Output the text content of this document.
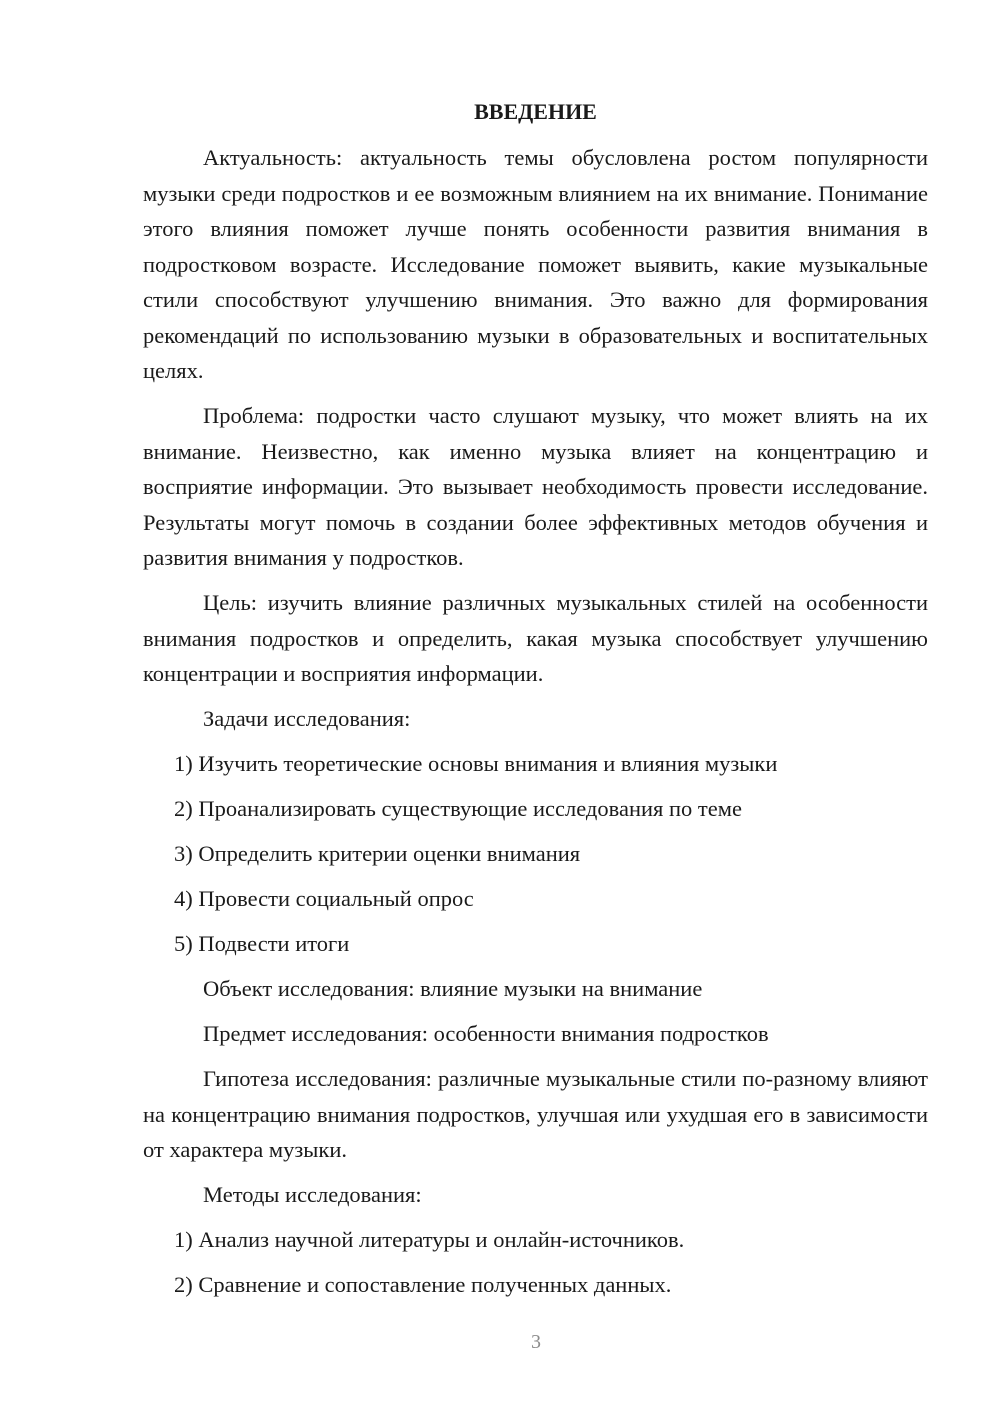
ВВЕДЕНИЕ

Актуальность: актуальность темы обусловлена ростом популярности музыки среди подростков и ее возможным влиянием на их внимание. Понимание этого влияния поможет лучше понять особенности развития внимания в подростковом возрасте. Исследование поможет выявить, какие музыкальные стили способствуют улучшению внимания. Это важно для формирования рекомендаций по использованию музыки в образовательных и воспитательных целях.

Проблема: подростки часто слушают музыку, что может влиять на их внимание. Неизвестно, как именно музыка влияет на концентрацию и восприятие информации. Это вызывает необходимость провести исследование. Результаты могут помочь в создании более эффективных методов обучения и развития внимания у подростков.

Цель: изучить влияние различных музыкальных стилей на особенности внимания подростков и определить, какая музыка способствует улучшению концентрации и восприятия информации.

Задачи исследования:
1) Изучить теоретические основы внимания и влияния музыки
2) Проанализировать существующие исследования по теме
3) Определить критерии оценки внимания
4) Провести социальный опрос
5) Подвести итоги
Объект исследования: влияние музыки на внимание
Предмет исследования: особенности внимания подростков

Гипотеза исследования: различные музыкальные стили по-разному влияют на концентрацию внимания подростков, улучшая или ухудшая его в зависимости от характера музыки.

Методы исследования:
1) Анализ научной литературы и онлайн-источников.
2) Сравнение и сопоставление полученных данных.
3
